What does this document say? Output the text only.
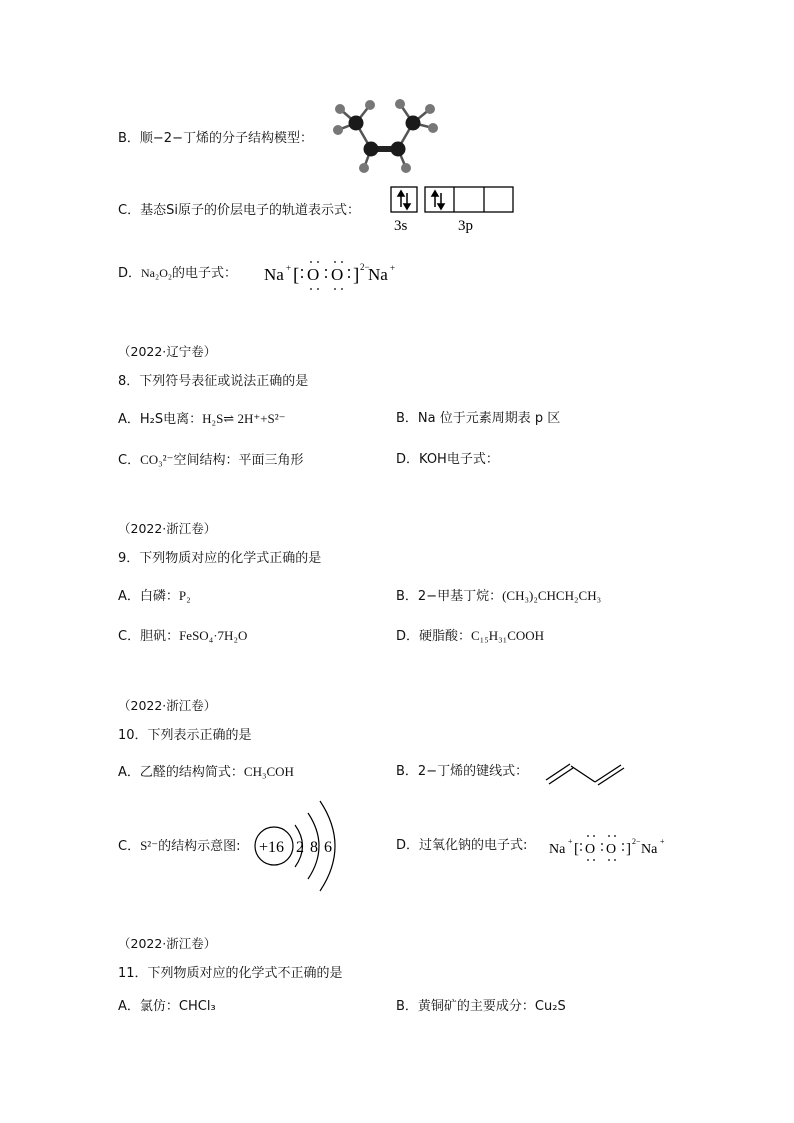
B．顺−2−丁烯的分子结构模型：
C．基态Si原子的价层电子的轨道表示式：
3s	3p
D．Na₂O₂的电子式： Na + [ O O ] 2−
Na +
（2022·辽宁卷）
8．下列符号表征或说法正确的是
A．H₂S电离：H₂S⇌ 2H⁺+S²⁻	B．Na 位于元素周期表 p 区
C．CO₃²⁻空间结构：平面三角形	D．KOH电子式：
（2022·浙江卷）
9．下列物质对应的化学式正确的是
A．白磷：P₂	B．2−甲基丁烷：(CH₃)₂CHCH₂CH₃
C．胆矾：FeSO₄·7H₂O	D．硬脂酸：C₁₅H₃₁COOH
（2022·浙江卷）
10．下列表示正确的是
A．乙醛的结构简式：CH₃COH	B．2−丁烯的键线式：
C．S²⁻的结构示意图: +16 2 8 6	D．过氧化钠的电子式: Na
+ [ O O ] 2−
Na
+
（2022·浙江卷）
11．下列物质对应的化学式不正确的是
A．氯仿：CHCl₃	B．黄铜矿的主要成分：Cu₂S
